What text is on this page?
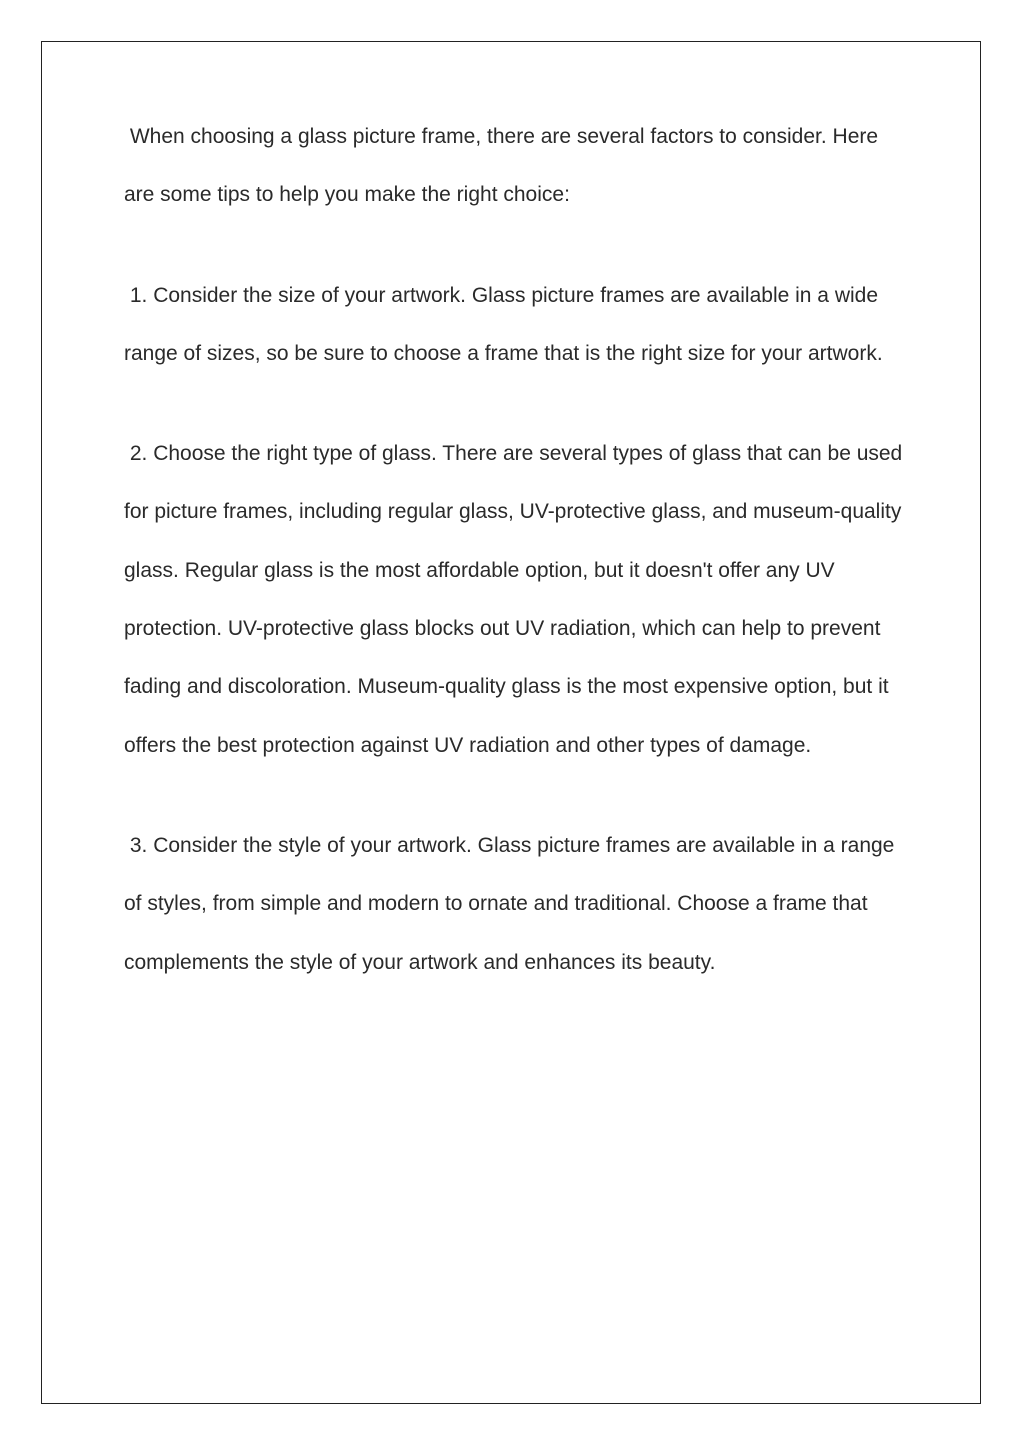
When choosing a glass picture frame, there are several factors to consider. Here are some tips to help you make the right choice:

1. Consider the size of your artwork. Glass picture frames are available in a wide range of sizes, so be sure to choose a frame that is the right size for your artwork.

2. Choose the right type of glass. There are several types of glass that can be used for picture frames, including regular glass, UV-protective glass, and museum-quality glass. Regular glass is the most affordable option, but it doesn't offer any UV protection. UV-protective glass blocks out UV radiation, which can help to prevent fading and discoloration. Museum-quality glass is the most expensive option, but it offers the best protection against UV radiation and other types of damage.

3. Consider the style of your artwork. Glass picture frames are available in a range of styles, from simple and modern to ornate and traditional. Choose a frame that complements the style of your artwork and enhances its beauty.
